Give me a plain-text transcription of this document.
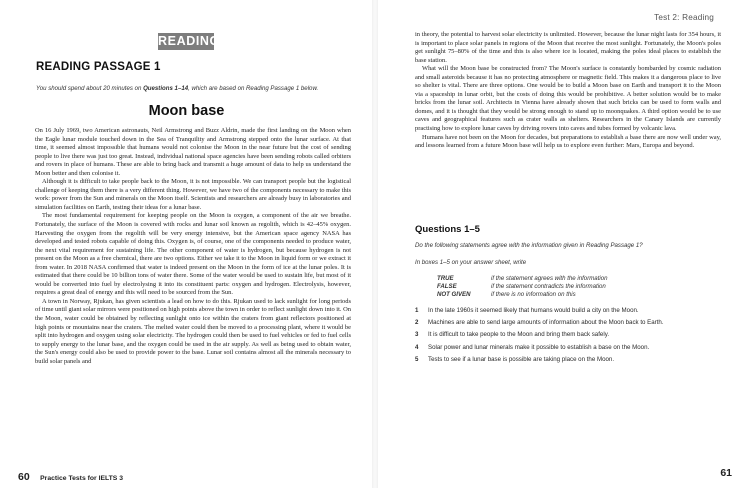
READING
READING PASSAGE 1
You should spend about 20 minutes on Questions 1–14, which are based on Reading Passage 1 below.
Moon base

On 16 July 1969, two American astronauts, Neil Armstrong and Buzz Aldrin, made the first landing on the Moon when the Eagle lunar module touched down in the Sea of Tranquility and Armstrong stepped onto the lunar surface. At that time, it seemed almost impossible that humans would not colonise the Moon in the near future but the cost of sending people to live there was just too great. Instead, individual national space agencies have been sending robots called orbiters and rovers in place of humans. These are able to bring back and transmit a huge amount of data to help us understand the Moon better and then colonise it.

Although it is difficult to take people back to the Moon, it is not impossible. We can transport people but the logistical challenge of keeping them there is a very different thing. However, we have two of the components necessary to make this work: power from the Sun and minerals on the Moon itself. Scientists and researchers are already busy in laboratories and simulation facilities on Earth, testing their ideas for a lunar base.

The most fundamental requirement for keeping people on the Moon is oxygen, a component of the air we breathe. Fortunately, the surface of the Moon is covered with rocks and lunar soil known as regolith, which is 42–45% oxygen. Harvesting the oxygen from the regolith will be very energy intensive, but the American space agency NASA has developed and tested robots capable of doing this. Oxygen is, of course, one of the components needed to produce water, the next vital requirement for sustaining life. The other component of water is hydrogen, but because hydrogen is not present on the Moon as a free chemical, there are two options. Either we take it to the Moon in liquid form or we extract it from water. In 2018 NASA confirmed that water is indeed present on the Moon in the form of ice at the lunar poles. It is estimated that there could be 10 billion tons of water there. Some of the water would be used to sustain life, but most of it would be converted into fuel by electrolysing it into its constituent parts: oxygen and hydrogen. Electrolysis, however, requires a great deal of energy and this will need to be sourced from the Sun.

A town in Norway, Rjukan, has given scientists a lead on how to do this. Rjukan used to lack sunlight for long periods of time until giant solar mirrors were positioned on high points above the town in order to reflect sunlight down into it. On the Moon, water could be obtained by reflecting sunlight onto ice within the craters from giant reflectors positioned at high points or mountains near the craters. The melted water could then be moved to a processing plant, where it would be split into hydrogen and oxygen using solar electricity. The hydrogen could then be used to fuel vehicles or fed to fuel cells to supply energy to the lunar base, and the oxygen could be used in the air supply. As well as being used to obtain water, the Sun's energy could also be used to provide power to the base. Lunar soil contains almost all the minerals necessary to build solar panels and

60 Practice Tests for IELTS 3
Test 2: Reading

in theory, the potential to harvest solar electricity is unlimited. However, because the lunar night lasts for 354 hours, it is important to place solar panels in regions of the Moon that receive the most sunlight. Fortunately, the Moon's poles get sunlight 75–80% of the time and this is also where ice is located, making the poles ideal places to establish the base station.

What will the Moon base be constructed from? The Moon's surface is constantly bombarded by cosmic radiation and small asteroids because it has no protecting atmosphere or magnetic field. This makes it a dangerous place to live so shelter is vital. There are three options. One would be to build a Moon base on Earth and transport it to the Moon via a spaceship in lunar orbit, but the costs of doing this would be prohibitive. A better solution would be to make bricks from the lunar soil. Architects in Vienna have already shown that such bricks can be used to form walls and domes, and it is thought that they would be strong enough to stand up to moonquakes. A third option would be to use caves and geographical features such as crater walls as shelters. Researchers in the Canary Islands are currently practising how to explore lunar caves by driving rovers into caves and tubes formed by volcanic lava.

Humans have not been on the Moon for decades, but preparations to establish a base there are now well under way, and lessons learned from a future Moon base will help us to explore even further: Mars, Europa and beyond.

Questions 1–5
Do the following statements agree with the information given in Reading Passage 1?
In boxes 1–5 on your answer sheet, write
TRUE	if the statement agrees with the information
FALSE	if the statement contradicts the information
NOT GIVEN	if there is no information on this
1 In the late 1960s it seemed likely that humans would build a city on the Moon.
2 Machines are able to send large amounts of information about the Moon back to Earth.
3 It is difficult to take people to the Moon and bring them back safely.
4 Solar power and lunar minerals make it possible to establish a base on the Moon.
5 Tests to see if a lunar base is possible are taking place on the Moon.
61
